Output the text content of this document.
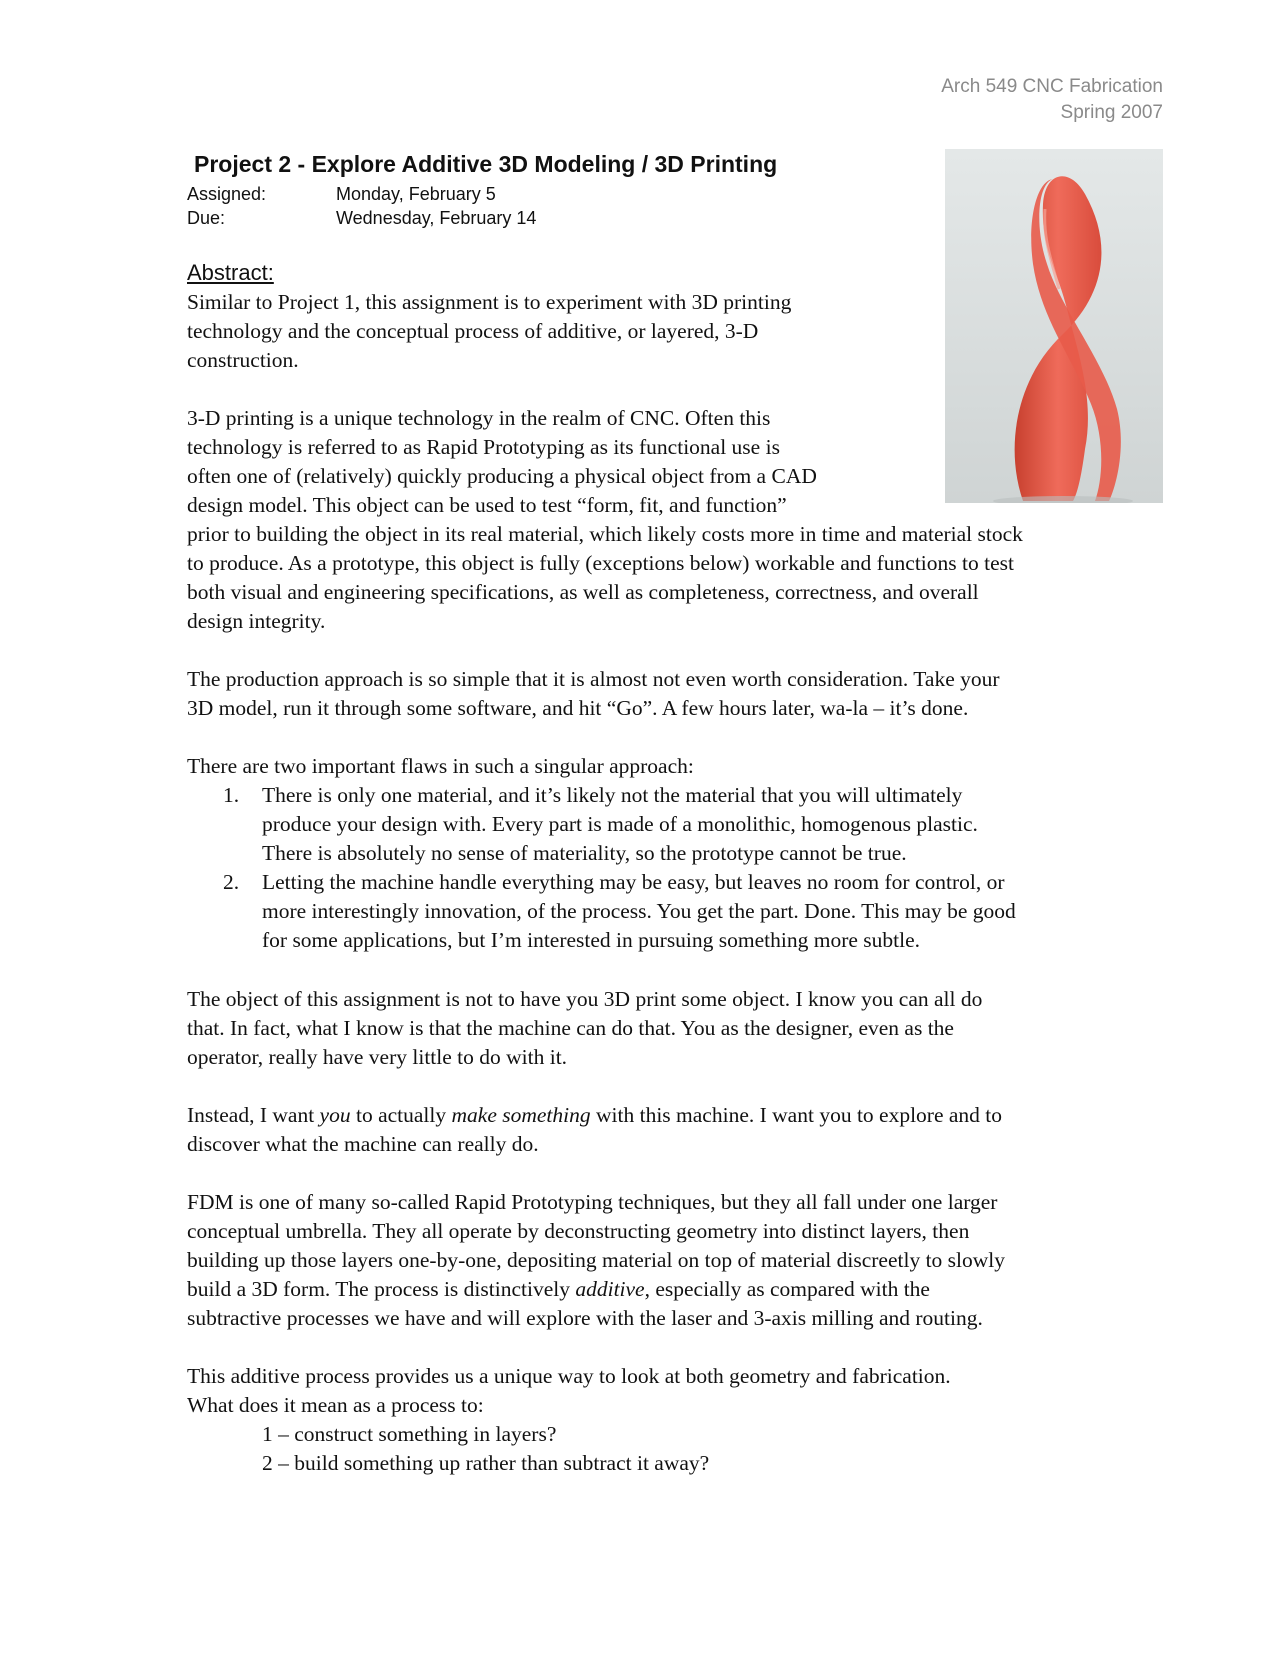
Arch 549 CNC Fabrication
Spring 2007
Project 2 - Explore Additive 3D Modeling / 3D Printing
Assigned:	Monday, February 5
Due:	Wednesday, February 14
Abstract:
Similar to Project 1, this assignment is to experiment with 3D printing
technology and the conceptual process of additive, or layered, 3-D
construction.
3-D printing is a unique technology in the realm of CNC. Often this
technology is referred to as Rapid Prototyping as its functional use is
often one of (relatively) quickly producing a physical object from a CAD
design model. This object can be used to test “form, fit, and function”
prior to building the object in its real material, which likely costs more in time and material stock
to produce. As a prototype, this object is fully (exceptions below) workable and functions to test
both visual and engineering specifications, as well as completeness, correctness, and overall
design integrity.
The production approach is so simple that it is almost not even worth consideration. Take your
3D model, run it through some software, and hit “Go”. A few hours later, wa-la – it’s done.
There are two important flaws in such a singular approach:
1.	There is only one material, and it’s likely not the material that you will ultimately
produce your design with. Every part is made of a monolithic, homogenous plastic.
There is absolutely no sense of materiality, so the prototype cannot be true.
2.	Letting the machine handle everything may be easy, but leaves no room for control, or
more interestingly innovation, of the process. You get the part. Done. This may be good
for some applications, but I’m interested in pursuing something more subtle.
The object of this assignment is not to have you 3D print some object. I know you can all do
that. In fact, what I know is that the machine can do that. You as the designer, even as the
operator, really have very little to do with it.
Instead, I want you to actually make something with this machine. I want you to explore and to
discover what the machine can really do.
FDM is one of many so-called Rapid Prototyping techniques, but they all fall under one larger
conceptual umbrella. They all operate by deconstructing geometry into distinct layers, then
building up those layers one-by-one, depositing material on top of material discreetly to slowly
build a 3D form. The process is distinctively additive, especially as compared with the
subtractive processes we have and will explore with the laser and 3-axis milling and routing.
This additive process provides us a unique way to look at both geometry and fabrication.
What does it mean as a process to:
1 – construct something in layers?
2 – build something up rather than subtract it away?
